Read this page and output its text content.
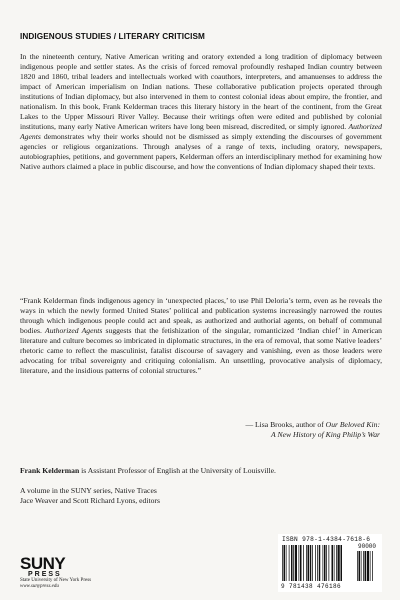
INDIGENOUS STUDIES / LITERARY CRITICISM

In the nineteenth century, Native American writing and oratory extended a long tradition of diplomacy between indigenous people and settler states. As the crisis of forced removal profoundly reshaped Indian country between 1820 and 1860, tribal leaders and intellectuals worked with coauthors, interpreters, and amanuenses to address the impact of American imperialism on Indian nations. These collaborative publication projects operated through institutions of Indian diplomacy, but also intervened in them to contest colonial ideas about empire, the frontier, and nationalism. In this book, Frank Kelderman traces this literary history in the heart of the continent, from the Great Lakes to the Upper Missouri River Valley. Because their writings often were edited and published by colonial institutions, many early Native American writers have long been misread, discredited, or simply ignored. Authorized Agents demonstrates why their works should not be dismissed as simply extending the discourses of government agencies or religious organizations. Through analyses of a range of texts, including oratory, newspapers, autobiographies, petitions, and government papers, Kelderman offers an interdisciplinary method for examining how Native authors claimed a place in public discourse, and how the conventions of Indian diplomacy shaped their texts.

“Frank Kelderman finds indigenous agency in ‘unexpected places,’ to use Phil Deloria’s term, even as he reveals the ways in which the newly formed United States’ political and publication systems increasingly narrowed the routes through which indigenous people could act and speak, as authorized and authorial agents, on behalf of communal bodies. Authorized Agents suggests that the fetishization of the singular, romanticized ‘Indian chief’ in American literature and culture becomes so imbricated in diplomatic structures, in the era of removal, that some Native leaders’ rhetoric came to reflect the masculinist, fatalist discourse of savagery and vanishing, even as those leaders were advocating for tribal sovereignty and critiquing colonialism. An unsettling, provocative analysis of diplomacy, literature, and the insidious patterns of colonial structures.”

— Lisa Brooks, author of Our Beloved Kin:
A New History of King Philip’s War
Frank Kelderman is Assistant Professor of English at the University of Louisville.
A volume in the SUNY series, Native Traces
Jace Weaver and Scott Richard Lyons, editors
SUNY
PRESS
State University of New York Press
www.sunypress.edu
ISBN 978-1-4384-7618-6
90000
9 781438 476186
